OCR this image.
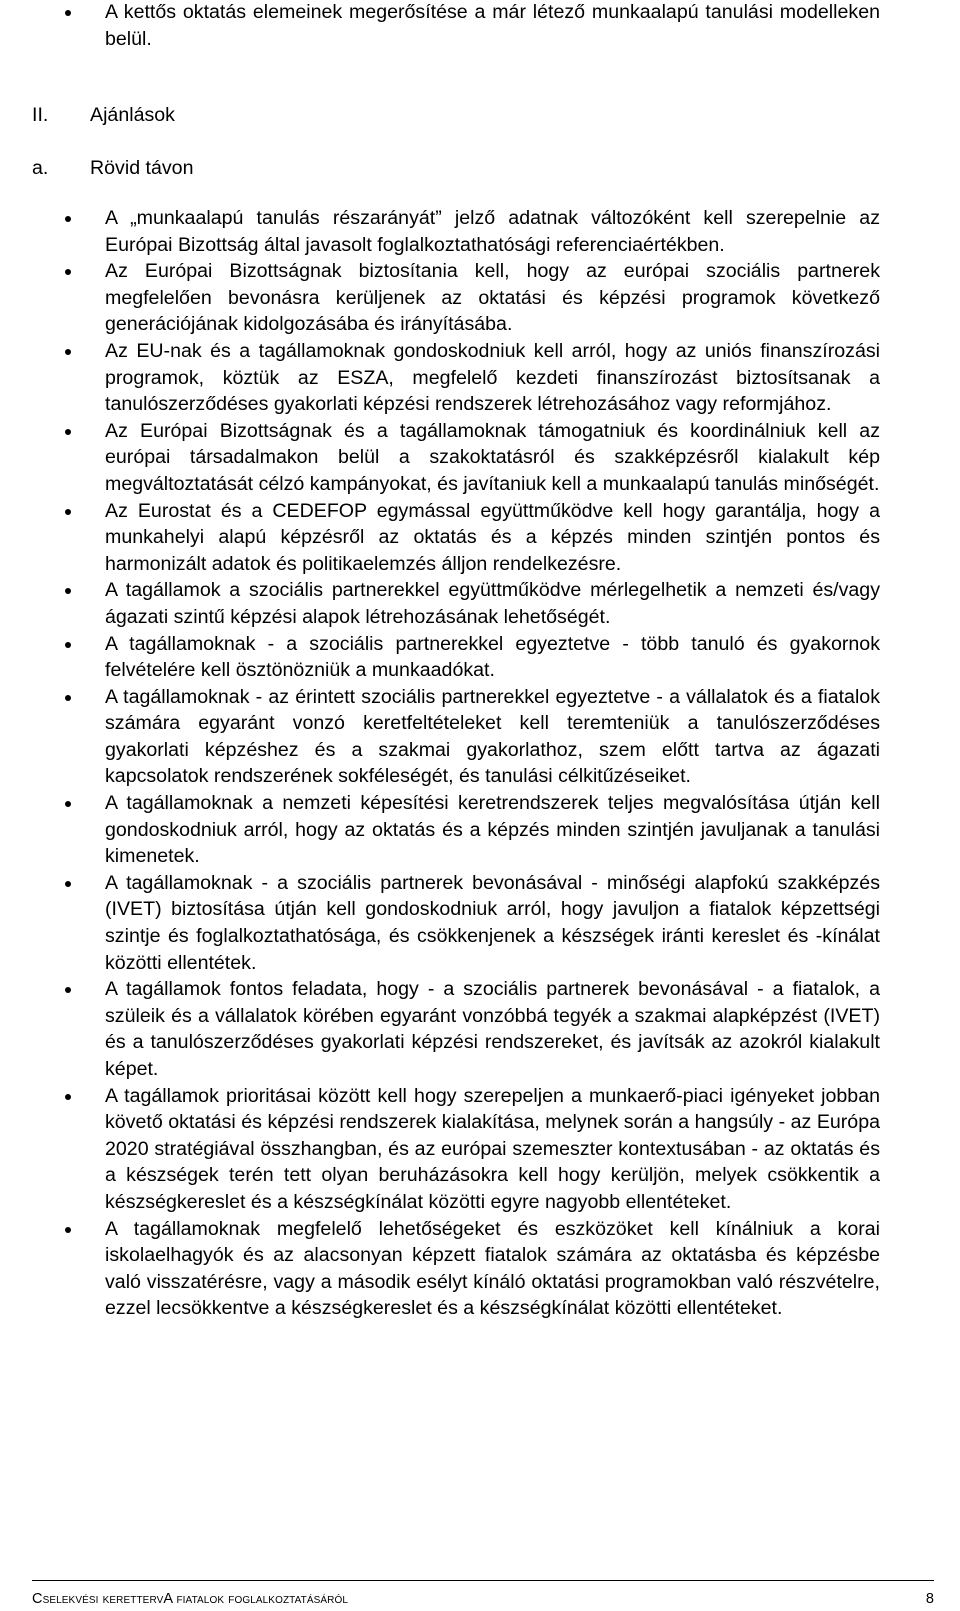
A kettős oktatás elemeinek megerősítése a már létező munkaalapú tanulási modelleken belül.
II. Ajánlások
a. Rövid távon
A „munkaalapú tanulás részarányát” jelző adatnak változóként kell szerepelnie az Európai Bizottság által javasolt foglalkoztathatósági referenciaértékben.
Az Európai Bizottságnak biztosítania kell, hogy az európai szociális partnerek megfelelően bevonásra kerüljenek az oktatási és képzési programok következő generációjának kidolgozásába és irányításába.
Az EU-nak és a tagállamoknak gondoskodniuk kell arról, hogy az uniós finanszírozási programok, köztük az ESZA, megfelelő kezdeti finanszírozást biztosítsanak a tanulószerződéses gyakorlati képzési rendszerek létrehozásához vagy reformjához.
Az Európai Bizottságnak és a tagállamoknak támogatniuk és koordinálniuk kell az európai társadalmakon belül a szakoktatásról és szakképzésről kialakult kép megváltoztatását célzó kampányokat, és javítaniuk kell a munkaalapú tanulás minőségét.
Az Eurostat és a CEDEFOP egymással együttműködve kell hogy garantálja, hogy a munkahelyi alapú képzésről az oktatás és a képzés minden szintjén pontos és harmonizált adatok és politikaelemzés álljon rendelkezésre.
A tagállamok a szociális partnerekkel együttműködve mérlegelhetik a nemzeti és/vagy ágazati szintű képzési alapok létrehozásának lehetőségét.
A tagállamoknak - a szociális partnerekkel egyeztetve - több tanuló és gyakornok felvételére kell ösztönözniük a munkaadókat.
A tagállamoknak - az érintett szociális partnerekkel egyeztetve - a vállalatok és a fiatalok számára egyaránt vonzó keretfeltételeket kell teremteniük a tanulószerződéses gyakorlati képzéshez és a szakmai gyakorlathoz, szem előtt tartva az ágazati kapcsolatok rendszerének sokféleségét, és tanulási célkitűzéseiket.
A tagállamoknak a nemzeti képesítési keretrendszerek teljes megvalósítása útján kell gondoskodniuk arról, hogy az oktatás és a képzés minden szintjén javuljanak a tanulási kimenetek.
A tagállamoknak - a szociális partnerek bevonásával - minőségi alapfokú szakképzés (IVET) biztosítása útján kell gondoskodniuk arról, hogy javuljon a fiatalok képzettségi szintje és foglalkoztathatósága, és csökkenjenek a készségek iránti kereslet és -kínálat közötti ellentétek.
A tagállamok fontos feladata, hogy - a szociális partnerek bevonásával - a fiatalok, a szüleik és a vállalatok körében egyaránt vonzóbbá tegyék a szakmai alapképzést (IVET) és a tanulószerződéses gyakorlati képzési rendszereket, és javítsák az azokról kialakult képet.
A tagállamok prioritásai között kell hogy szerepeljen a munkaerő-piaci igényeket jobban követő oktatási és képzési rendszerek kialakítása, melynek során a hangsúly - az Európa 2020 stratégiával összhangban, és az európai szemeszter kontextusában - az oktatás és a készségek terén tett olyan beruházásokra kell hogy kerüljön, melyek csökkentik a készségkereslet és a készségkínálat közötti egyre nagyobb ellentéteket.
A tagállamoknak megfelelő lehetőségeket és eszközöket kell kínálniuk a korai iskolaelhagyók és az alacsonyan képzett fiatalok számára az oktatásba és képzésbe való visszatérésre, vagy a második esélyt kínáló oktatási programokban való részvételre, ezzel lecsökkentve a készségkereslet és a készségkínálat közötti ellentéteket.
Cselekvési kerettervA fiatalok foglalkoztatásáról	8
